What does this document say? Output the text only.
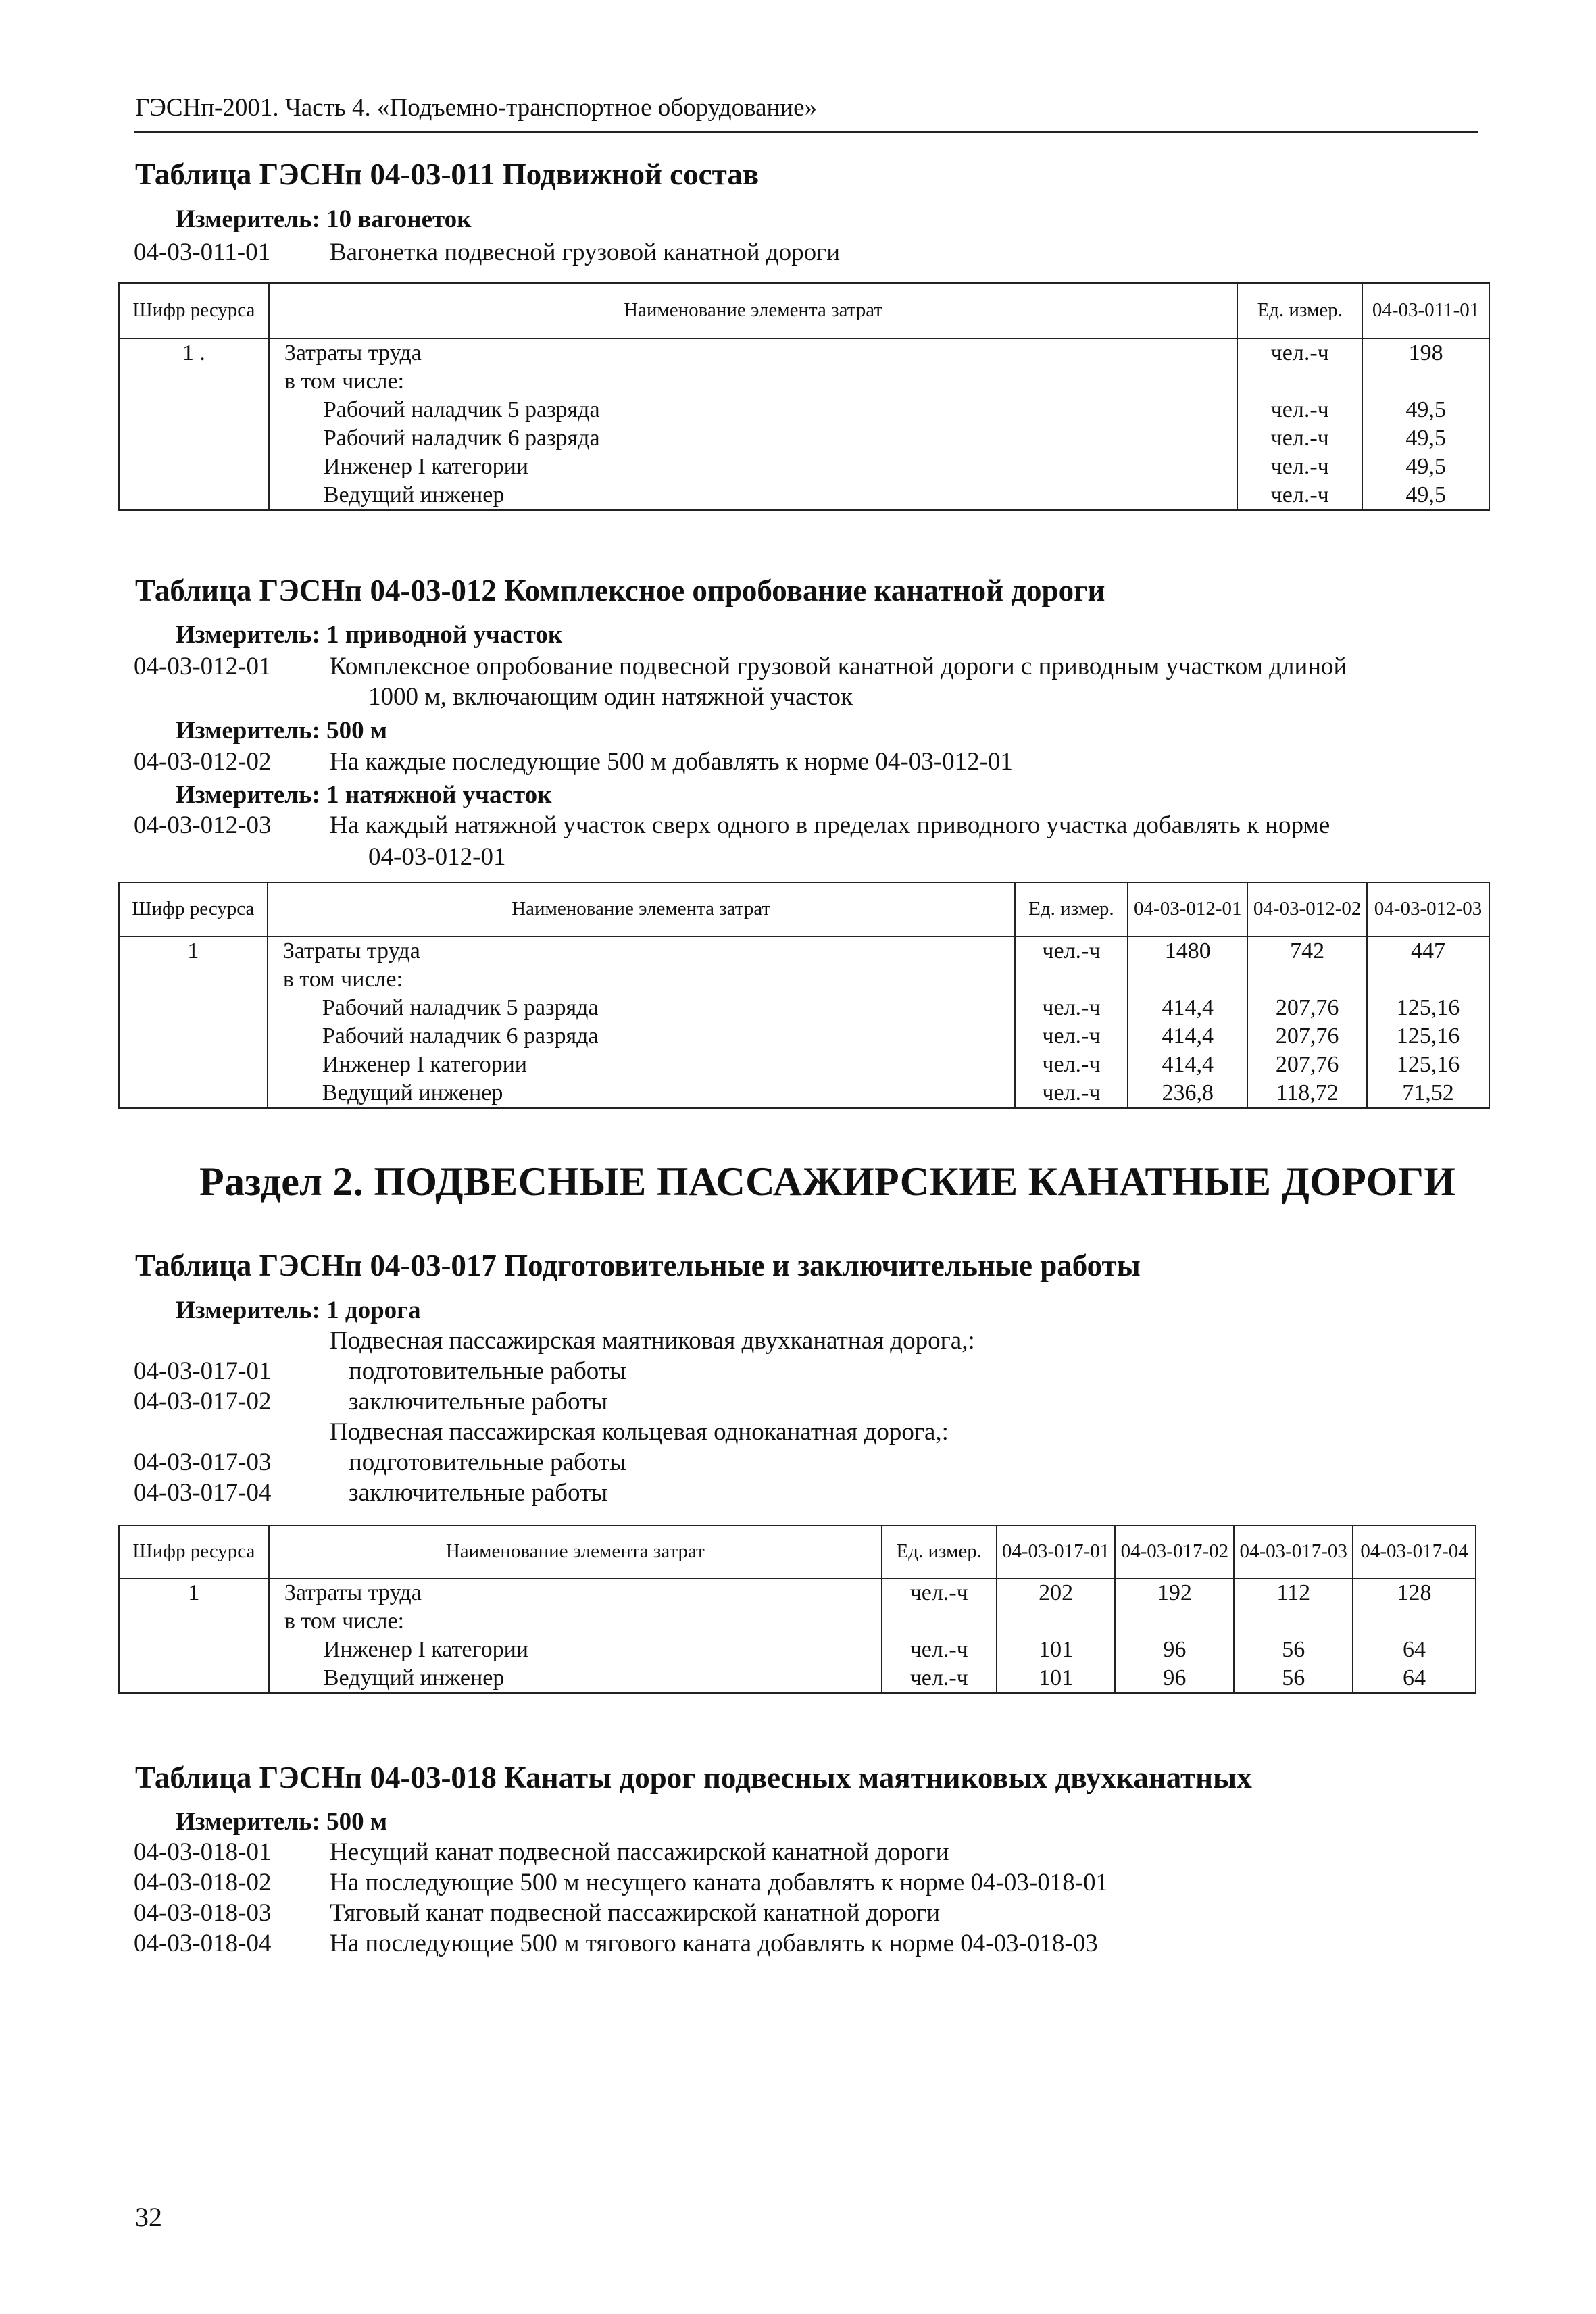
ГЭСНп-2001. Часть 4. «Подъемно-транспортное оборудование»
Таблица ГЭСНп 04-03-011 Подвижной состав
Измеритель: 10 вагонеток
04-03-011-01 Вагонетка подвесной грузовой канатной дороги
Шифр ресурса	Наименование элемента затрат	Ед. измер.	04-03-011-01
1 .	Затраты труда	чел.-ч	198
	в том числе:		
	Рабочий наладчик 5 разряда	чел.-ч	49,5
	Рабочий наладчик 6 разряда	чел.-ч	49,5
	Инженер I категории	чел.-ч	49,5
	Ведущий инженер	чел.-ч	49,5
Таблица ГЭСНп 04-03-012 Комплексное опробование канатной дороги
Измеритель: 1 приводной участок
04-03-012-01 Комплексное опробование подвесной грузовой канатной дороги с приводным участком длиной
1000 м, включающим один натяжной участок
Измеритель: 500 м
04-03-012-02 На каждые последующие 500 м добавлять к норме 04-03-012-01
Измеритель: 1 натяжной участок
04-03-012-03 На каждый натяжной участок сверх одного в пределах приводного участка добавлять к норме
04-03-012-01
Шифр ресурса	Наименование элемента затрат	Ед. измер.	04-03-012-01	04-03-012-02	04-03-012-03
1	Затраты труда	чел.-ч	1480	742	447
	в том числе:				
	Рабочий наладчик 5 разряда	чел.-ч	414,4	207,76	125,16
	Рабочий наладчик 6 разряда	чел.-ч	414,4	207,76	125,16
	Инженер I категории	чел.-ч	414,4	207,76	125,16
	Ведущий инженер	чел.-ч	236,8	118,72	71,52
Раздел 2. ПОДВЕСНЫЕ ПАССАЖИРСКИЕ КАНАТНЫЕ ДОРОГИ
Таблица ГЭСНп 04-03-017 Подготовительные и заключительные работы
Измеритель: 1 дорога
Подвесная пассажирская маятниковая двухканатная дорога,:
04-03-017-01	подготовительные работы
04-03-017-02	заключительные работы
Подвесная пассажирская кольцевая одноканатная дорога,:
04-03-017-03	подготовительные работы
04-03-017-04	заключительные работы
Шифр ресурса	Наименование элемента затрат	Ед. измер.	04-03-017-01	04-03-017-02	04-03-017-03	04-03-017-04
1	Затраты труда	чел.-ч	202	192	112	128
	в том числе:					
	Инженер I категории	чел.-ч	101	96	56	64
	Ведущий инженер	чел.-ч	101	96	56	64
Таблица ГЭСНп 04-03-018 Канаты дорог подвесных маятниковых двухканатных
Измеритель: 500 м
04-03-018-01 Несущий канат подвесной пассажирской канатной дороги
04-03-018-02 На последующие 500 м несущего каната добавлять к норме 04-03-018-01
04-03-018-03 Тяговый канат подвесной пассажирской канатной дороги
04-03-018-04 На последующие 500 м тягового каната добавлять к норме 04-03-018-03
32
